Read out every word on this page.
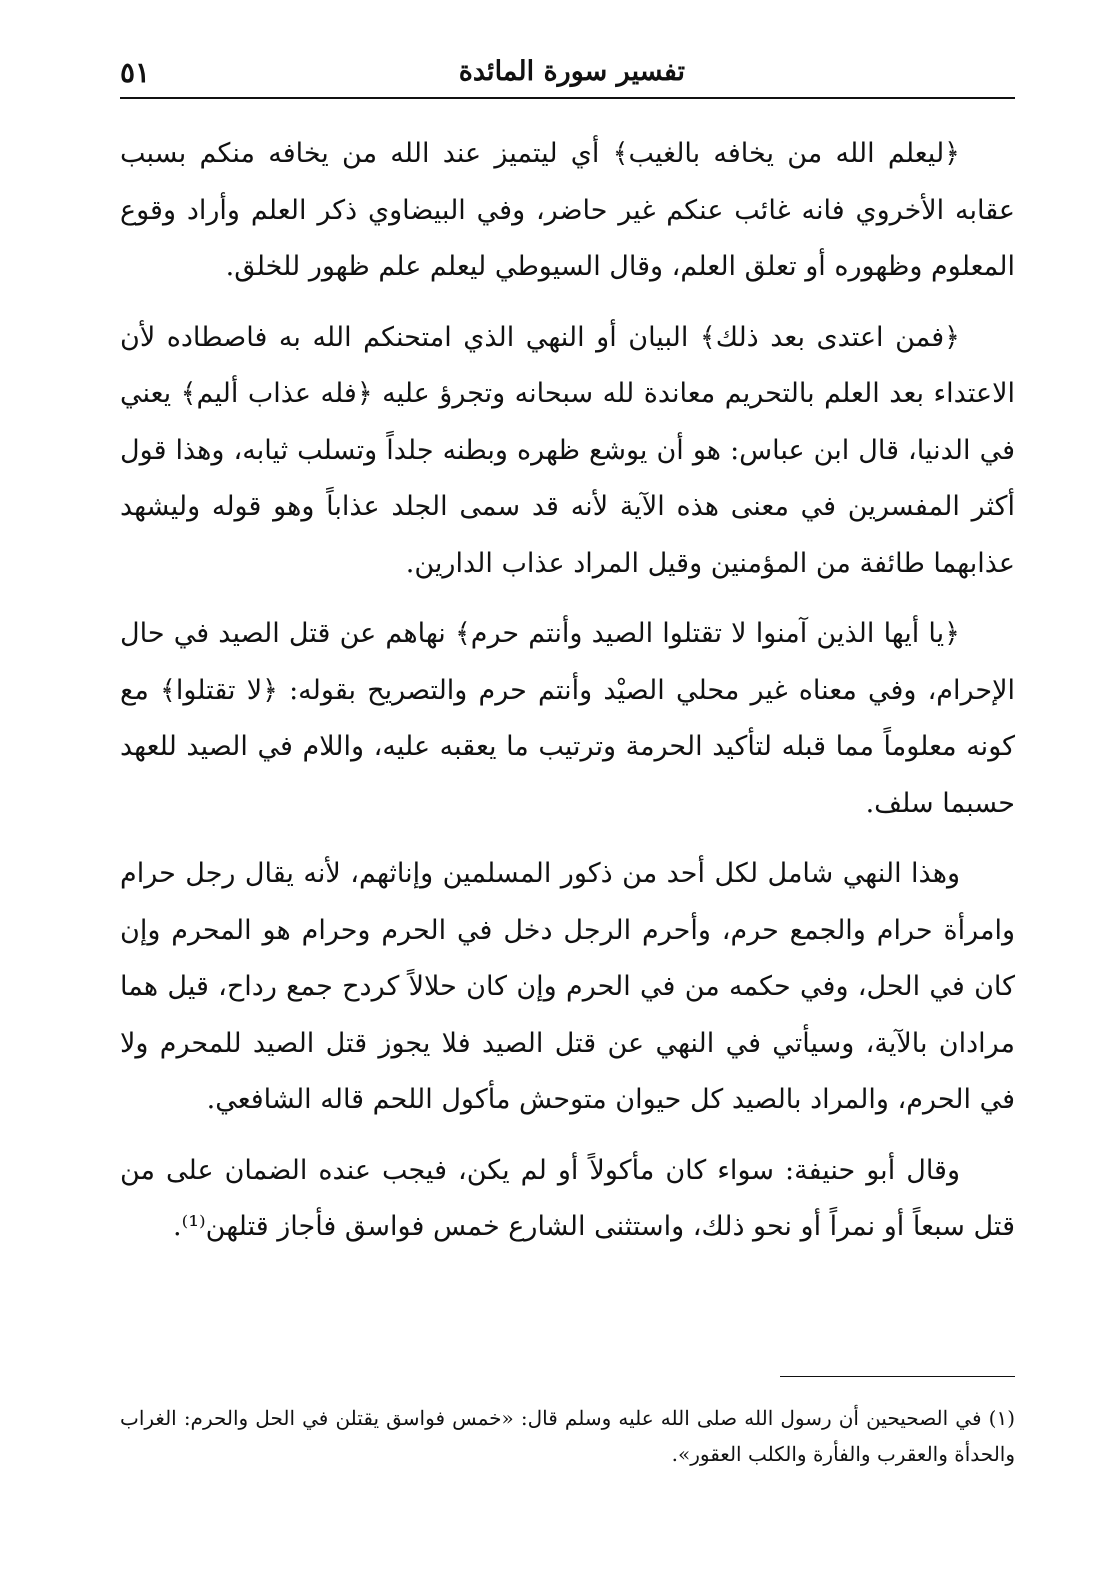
تفسير سورة المائدة
٥١

﴿ليعلم الله من يخافه بالغيب﴾ أي ليتميز عند الله من يخافه منكم بسبب عقابه الأخروي فانه غائب عنكم غير حاضر، وفي البيضاوي ذكر العلم وأراد وقوع المعلوم وظهوره أو تعلق العلم، وقال السيوطي ليعلم علم ظهور للخلق.

﴿فمن اعتدى بعد ذلك﴾ البيان أو النهي الذي امتحنكم الله به فاصطاده لأن الاعتداء بعد العلم بالتحريم معاندة لله سبحانه وتجرؤ عليه ﴿فله عذاب أليم﴾ يعني في الدنيا، قال ابن عباس: هو أن يوشع ظهره وبطنه جلداً وتسلب ثيابه، وهذا قول أكثر المفسرين في معنى هذه الآية لأنه قد سمى الجلد عذاباً وهو قوله وليشهد عذابهما طائفة من المؤمنين وقيل المراد عذاب الدارين.

﴿يا أيها الذين آمنوا لا تقتلوا الصيد وأنتم حرم﴾ نهاهم عن قتل الصيد في حال الإحرام، وفي معناه غير محلي الصيْد وأنتم حرم والتصريح بقوله: ﴿لا تقتلوا﴾ مع كونه معلوماً مما قبله لتأكيد الحرمة وترتيب ما يعقبه عليه، واللام في الصيد للعهد حسبما سلف.

وهذا النهي شامل لكل أحد من ذكور المسلمين وإناثهم، لأنه يقال رجل حرام وامرأة حرام والجمع حرم، وأحرم الرجل دخل في الحرم وحرام هو المحرم وإن كان في الحل، وفي حكمه من في الحرم وإن كان حلالاً كردح جمع رداح، قيل هما مرادان بالآية، وسيأتي في النهي عن قتل الصيد فلا يجوز قتل الصيد للمحرم ولا في الحرم، والمراد بالصيد كل حيوان متوحش مأكول اللحم قاله الشافعي.

وقال أبو حنيفة: سواء كان مأكولاً أو لم يكن، فيجب عنده الضمان على من قتل سبعاً أو نمراً أو نحو ذلك، واستثنى الشارع خمس فواسق فأجاز قتلهن⁽¹⁾.

(١) في الصحيحين أن رسول الله صلى الله عليه وسلم قال: «خمس فواسق يقتلن في الحل والحرم: الغراب والحدأة والعقرب والفأرة والكلب العقور».
